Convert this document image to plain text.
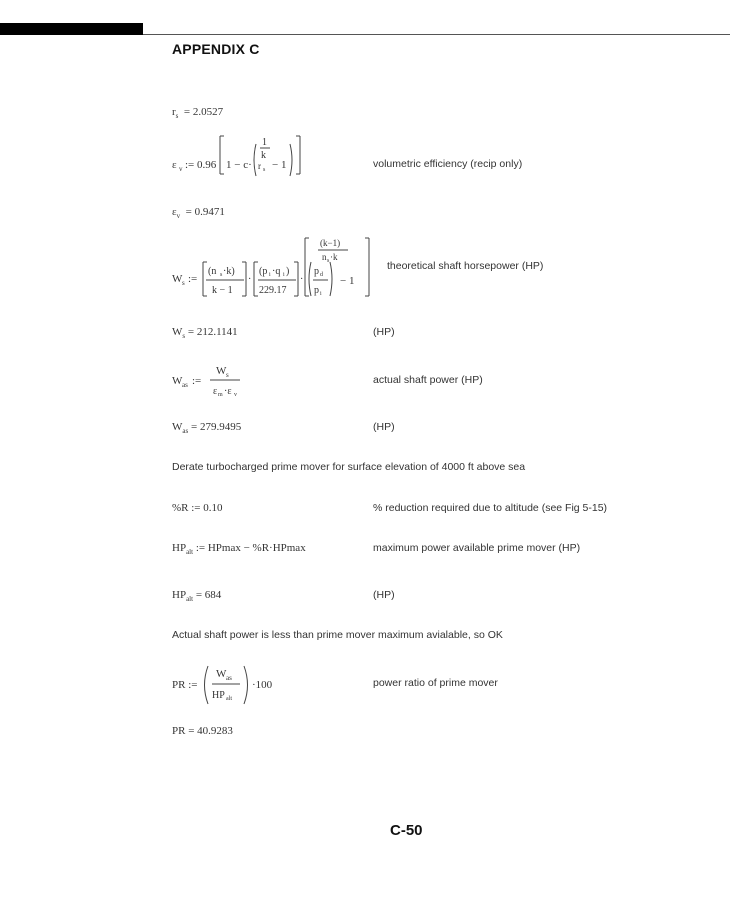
APPENDIX C
$r_s = 2.0527$
ε v := 0.96 1 − c·
1
k
r s − 1	volumetric efficiency (recip only)
$\varepsilon_v = 0.9471$
W s :=
(n s ·k)
k − 1
·
(p i ·q i )
229.17
·
p d
p i
(k−1)
n s ·k
− 1
theoretical shaft horsepower (HP)
$W_s = 212.1141$	(HP)
W as :=
W s
ε m ·ε v
actual shaft power (HP)
$W_{as} = 279.9495$	(HP)
Derate turbocharged prime mover for surface elevation of 4000 ft above sea
%R := 0.10	% reduction required due to altitude (see Fig 5-15)
$HP_{alt}$ := HPmax − %R·HPmax	maximum power available prime mover (HP)
$HP_{alt} = 684$	(HP)
Actual shaft power is less than prime mover maximum avialable, so OK
PR :=
W as
HP alt
·100	power ratio of prime mover
PR = 40.9283
C-50
